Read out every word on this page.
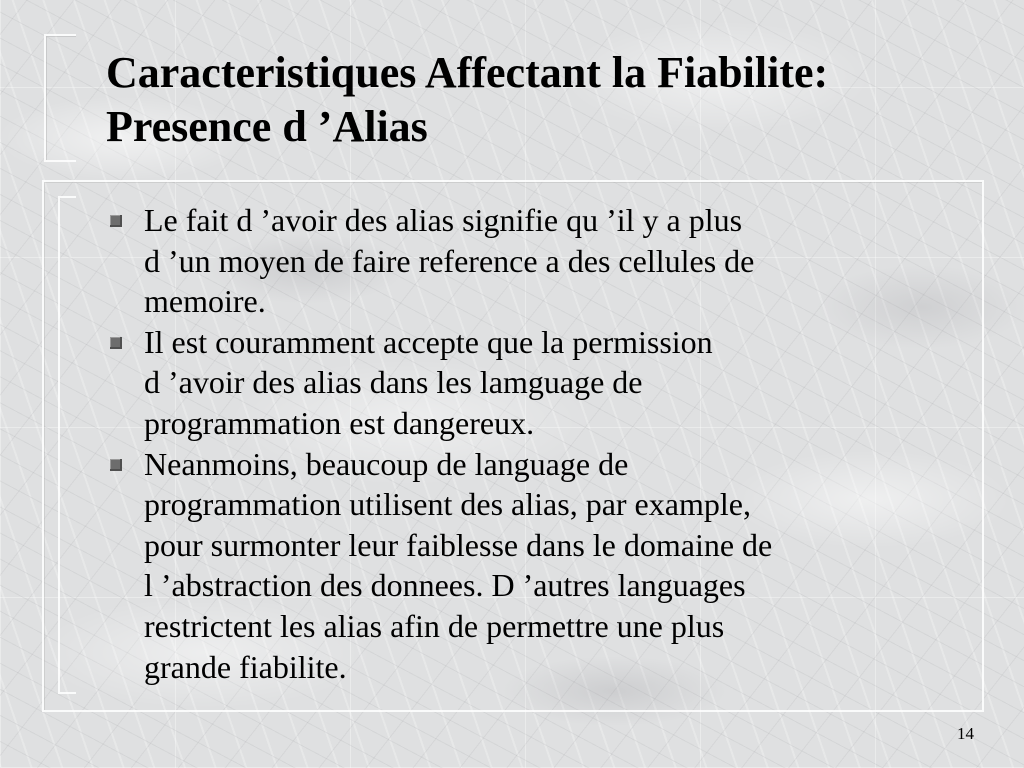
Caracteristiques Affectant la Fiabilite:
Presence d ’Alias
Le fait d ’avoir des alias signifie qu ’il y a plus
d ’un moyen de faire reference a des cellules de
memoire.
Il est couramment accepte que la permission
d ’avoir des alias dans les lamguage de
programmation est dangereux.
Neanmoins, beaucoup de language de
programmation utilisent des alias, par example,
pour surmonter leur faiblesse dans le domaine de
l ’abstraction des donnees. D ’autres languages
restrictent les alias afin de permettre une plus
grande fiabilite.
14
